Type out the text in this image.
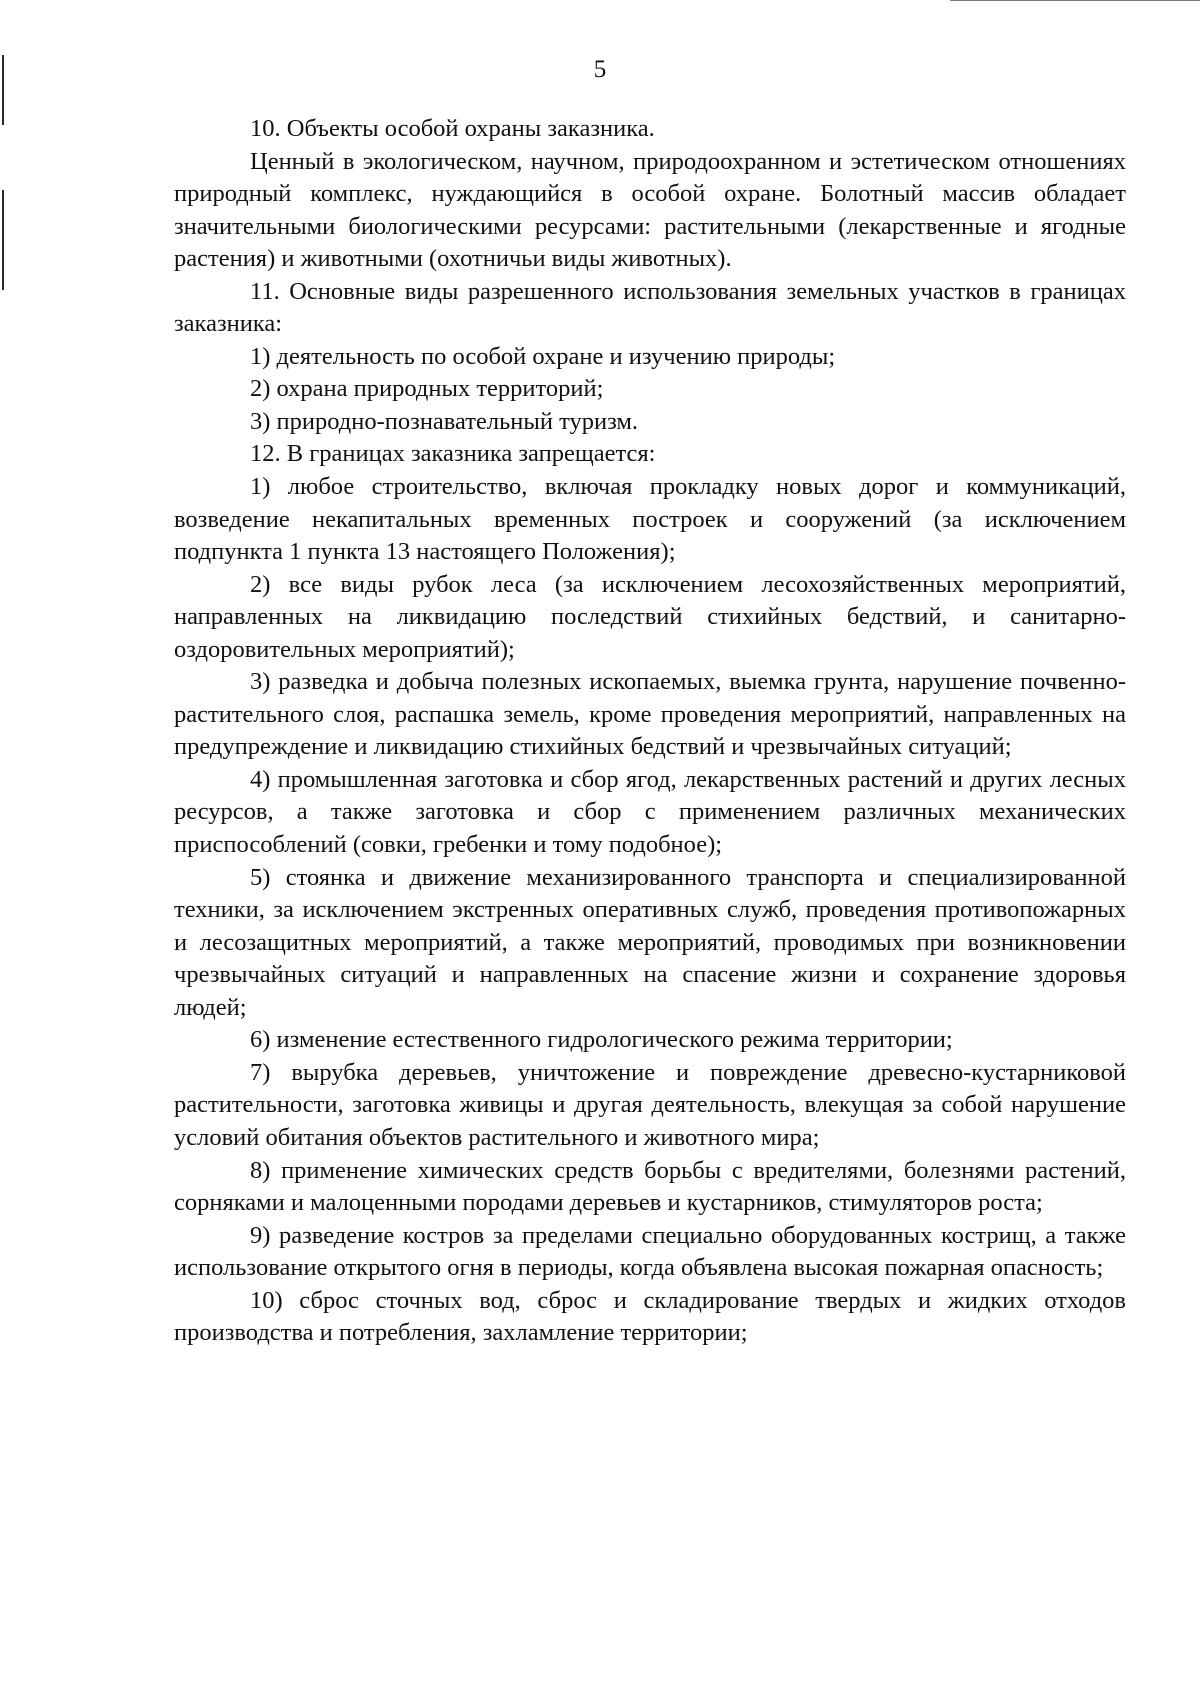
5

10. Объекты особой охраны заказника.

Ценный в экологическом, научном, природоохранном и эстетическом отношениях природный комплекс, нуждающийся в особой охране. Болотный массив обладает значительными биологическими ресурсами: растительными (лекарственные и ягодные растения) и животными (охотничьи виды животных).

11. Основные виды разрешенного использования земельных участков в границах заказника:

1) деятельность по особой охране и изучению природы;

2) охрана природных территорий;

3) природно-познавательный туризм.

12. В границах заказника запрещается:

1) любое строительство, включая прокладку новых дорог и коммуникаций, возведение некапитальных временных построек и сооружений (за исключением подпункта 1 пункта 13 настоящего Положения);

2) все виды рубок леса (за исключением лесохозяйственных мероприятий, направленных на ликвидацию последствий стихийных бедствий, и санитарно-оздоровительных мероприятий);

3) разведка и добыча полезных ископаемых, выемка грунта, нарушение почвенно-растительного слоя, распашка земель, кроме проведения мероприятий, направленных на предупреждение и ликвидацию стихийных бедствий и чрезвычайных ситуаций;

4) промышленная заготовка и сбор ягод, лекарственных растений и других лесных ресурсов, а также заготовка и сбор с применением различных механических приспособлений (совки, гребенки и тому подобное);

5) стоянка и движение механизированного транспорта и специализированной техники, за исключением экстренных оперативных служб, проведения противопожарных и лесозащитных мероприятий, а также мероприятий, проводимых при возникновении чрезвычайных ситуаций и направленных на спасение жизни и сохранение здоровья людей;

6) изменение естественного гидрологического режима территории;

7) вырубка деревьев, уничтожение и повреждение древесно-кустарниковой растительности, заготовка живицы и другая деятельность, влекущая за собой нарушение условий обитания объектов растительного и животного мира;

8) применение химических средств борьбы с вредителями, болезнями растений, сорняками и малоценными породами деревьев и кустарников, стимуляторов роста;

9) разведение костров за пределами специально оборудованных кострищ, а также использование открытого огня в периоды, когда объявлена высокая пожарная опасность;

10) сброс сточных вод, сброс и складирование твердых и жидких отходов производства и потребления, захламление территории;
